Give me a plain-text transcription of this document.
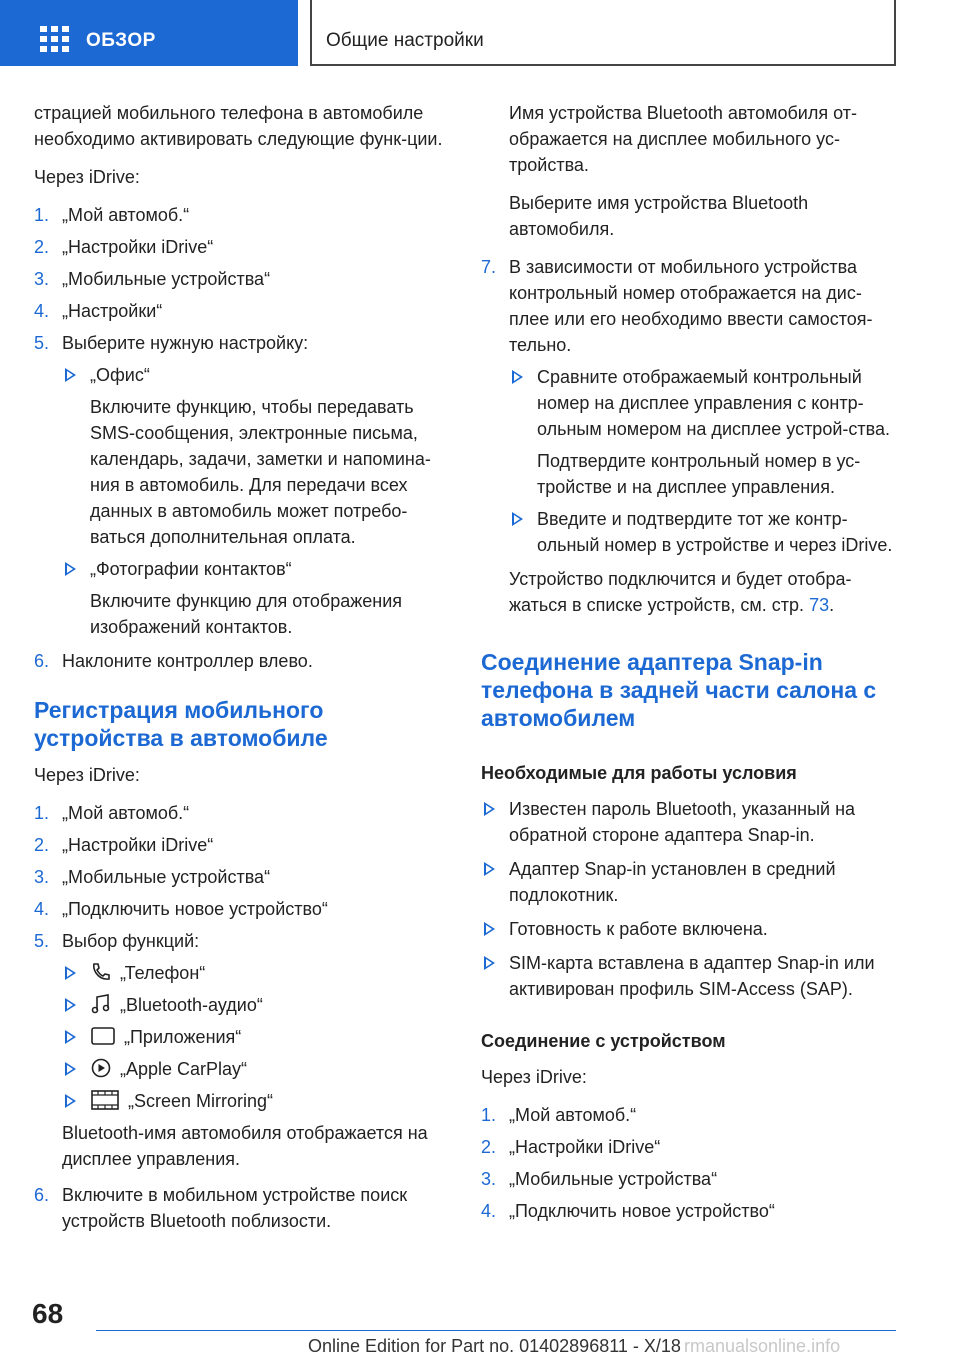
ОБЗОР	Общие настройки

страцией мобильного телефона в автомобиле необходимо активировать следующие функ-ции.

Через iDrive:

1. „Мой автомоб.“
2. „Настройки iDrive“
3. „Мобильные устройства“
4. „Настройки“
5. Выберите нужную настройку:
„Офис“
Включите функцию, чтобы передавать SMS-сообщения, электронные письма, календарь, задачи, заметки и напомина-ния в автомобиль. Для передачи всех данных в автомобиль может потребо-ваться дополнительная оплата.
„Фотографии контактов“
Включите функцию для отображения изображений контактов.
6. Наклоните контроллер влево.
Регистрация мобильного устройства в автомобиле

Через iDrive:

1. „Мой автомоб.“
2. „Настройки iDrive“
3. „Мобильные устройства“
4. „Подключить новое устройство“
5. Выбор функций:
„Телефон“
„Bluetooth-аудио“
„Приложения“
„Apple CarPlay“
„Screen Mirroring“

Bluetooth-имя автомобиля отображается на дисплее управления.

6. Включите в мобильном устройстве поиск устройств Bluetooth поблизости.

Имя устройства Bluetooth автомобиля от-ображается на дисплее мобильного ус-тройства.

Выберите имя устройства Bluetooth автомобиля.

7. В зависимости от мобильного устройства контрольный номер отображается на дис-плее или его необходимо ввести самостоя-тельно.
Сравните отображаемый контрольный номер на дисплее управления с контр-ольным номером на дисплее устрой-ства.
Подтвердите контрольный номер в ус-тройстве и на дисплее управления.
Введите и подтвердите тот же контр-ольный номер в устройстве и через iDrive.

Устройство подключится и будет отобра-жаться в списке устройств, см. стр. 73.

Соединение адаптера Snap-in телефона в задней части салона с автомобилем
Необходимые для работы условия
Известен пароль Bluetooth, указанный на обратной стороне адаптера Snap-in.
Адаптер Snap-in установлен в средний подлокотник.
Готовность к работе включена.
SIM-карта вставлена в адаптер Snap-in или активирован профиль SIM-Access (SAP).
Соединение с устройством

Через iDrive:

1. „Мой автомоб.“
2. „Настройки iDrive“
3. „Мобильные устройства“
4. „Подключить новое устройство“
68
Online Edition for Part no. 01402896811 - X/18 rmanualsonline.info
